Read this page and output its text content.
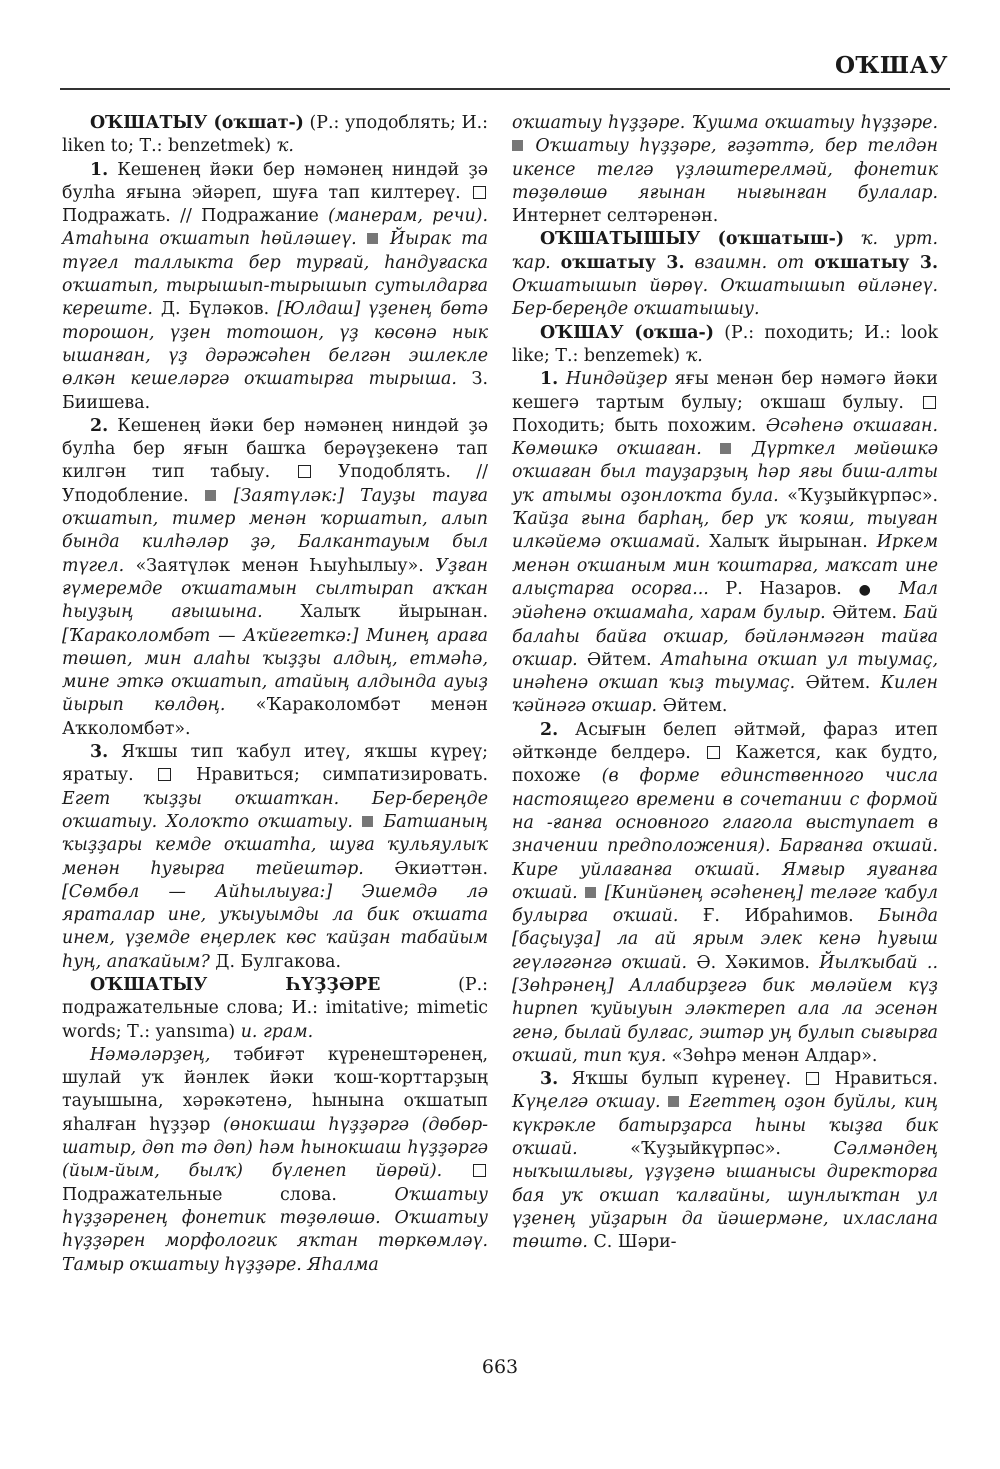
ОҠШАУ

ОҠШАТЫУ (оҡшат-) (Р.: уподоблять; И.: liken to; Т.: benzetmek) ҡ.

1. Кешенең йәки бер нәмәнең ниндәй ҙә булһа яғына эйәреп, шуға тап килтереү.  Подражать. // Подражание (манерам, речи). Атаһына оҡшатып һөйләшеү.  Йырак та түгел таллыкта бер турғай, һандуғаска оҡшатып, тырышып-тырышып сутылдарға кереште. Д. Бүләков. [Юлдаш] үҙенең бөтә торошон, үҙен тотошон, үҙ көсөнә нык ышанған, үҙ дәрәжәһен белгән эшлекле өлкән кешеләргә оҡшатырға тырыша. З. Биишева.

2. Кешенең йәки бер нәмәнең ниндәй ҙә булһа бер яғын башҡа берәүҙекенә тап килгән тип табыу.  Уподоблять. // Уподобление.  [Заятүләк:] Тауҙы тауға оҡшатып, тимер менән ҡоршатып, алып бында килһәләр ҙә, Балкантауым был түгел. «Заятүләк менән Һыуһылыу». Уҙған ғүмеремде оҡшатамын сылтырап аҡҡан һыуҙың ағышына. Халыҡ йырынан. [Ҡараколомбәт — Аҡйегеткә:] Минең араға төшөп, мин алаһы ҡыҙҙы алдың, етмәһә, мине эткә оҡшатып, атайың алдында ауыҙ йырып көлдөң. «Ҡараколомбәт менән Аҡколомбәт».

3. Яҡшы тип ҡабул итеү, яҡшы күреү; яратыу.  Нравиться; симпатизировать. Егет ҡыҙҙы оҡшатҡан. Бер-береңде оҡшатыу. Холоҡто оҡшатыу.  Батшаның ҡыҙҙары кемде оҡшатһа, шуға ҡульяулыҡ менән һуғырға тейештәр. Әкиәттән. [Сөмбөл — Айһылыуға:] Эшемдә лә яраталар ине, уҡыуымды ла бик оҡшата инем, үҙемде еңерлек көс ҡайҙан табайым һуң, апаҡайым? Д. Булгакова.

ОҠШАТЫУ ҺҮҘҘӘРЕ (Р.: подражательные слова; И.: imitative; mimetic words; Т.: yansıma) и. грам.

Нәмәләрҙең, тәбиғәт күренештәренең, шулай уҡ йәнлек йәки ҡош-ҡорттарҙың тауышына, хәрәкәтенә, һынына оҡшатып яһалған һүҙҙәр (өнокшаш һүҙҙәргә (дөбөр-шатыр, дөп тә дөп) һәм һынокшаш һүҙҙәргә (йым-йым, былҡ) бүленеп йөрөй).  Подражательные слова. Оҡшатыу һүҙҙәренең фонетик төҙөлөшө. Оҡшатыу һүҙҙәрен морфологик яҡтан төркөмләү. Тамыр оҡшатыу һүҙҙәре. Яһалма

оҡшатыу һүҙҙәре. Ҡушма оҡшатыу һүҙҙәре.  Оҡшатыу һүҙҙәре, ғәҙәттә, бер телдән икенсе телгә үҙләштерелмәй, фонетик төҙөлөшө яғынан нығынған булалар. Интернет селтәренән.

ОҠШАТЫШЫУ (оҡшатыш-) ҡ. урт. ҡар. оҡшатыу 3. взаимн. от оҡшатыу 3. Оҡшатышып йөрөү. Оҡшатышып өйләнеү. Бер-береңде оҡшатышыу.

ОҠШАУ (оҡша-) (Р.: походить; И.: look like; Т.: benzemek) ҡ.

1. Ниндәйҙер яғы менән бер нәмәгә йәки кешегә тартым булыу; оҡшаш булыу.  Походить; быть похожим. Әсәһенә оҡшаған. Көмөшкә оҡшаған.  Дүрткел мөйөшкә оҡшаған был тауҙарҙың һәр яғы биш-алты уҡ атымы оҙонлоҡта була. «Ҡуҙыйкүрпәс». Ҡайҙа ғына барһаң, бер уҡ ҡояш, тыуған илкәйемә оҡшамай. Халыҡ йырынан. Иркем менән оҡшаным мин ҡоштарға, маҡсат ине алыҫтарға осорға... Р. Назаров. ● Мал эйәһенә оҡшамаһа, харам булыр. Әйтем. Бай балаһы байға оҡшар, бәйләнмәгән тайға оҡшар. Әйтем. Атаһына оҡшап ул тыумаҫ, инәһенә оҡшап ҡыҙ тыумаҫ. Әйтем. Килен ҡәйнәгә оҡшар. Әйтем.

2. Асығын белеп әйтмәй, фараз итеп әйткәнде белдерә.  Кажется, как будто, похоже (в форме единственного числа настоящего времени в сочетании с формой на -ғанға основного глагола выступает в значении предположения). Барғанға оҡшай. Кире уйлағанға оҡшай. Ямғыр яуғанға оҡшай.  [Кинйәнең әсәһенең] теләге ҡабул булырға оҡшай. Ғ. Ибраһимов. Бында [баҫыуҙа] ла ай ярым элек кенә һуғыш геүләгәнгә оҡшай. Ә. Хәкимов. Йылҡыбай .. [Зөһрәнең] Аллабирҙегә бик мөләйем күҙ һирпеп ҡуйыуын эләктереп ала ла эсенән генә, былай булғас, эштәр уң булып сығырға оҡшай, тип ҡуя. «Зөһрә менән Алдар».

3. Яҡшы булып күренеү.  Нравиться. Күңелгә оҡшау.  Егеттең оҙон буйлы, киң күкрәкле батырҙарса һыны ҡыҙға бик оҡшай. «Ҡуҙыйкүрпәс». Сәлмәндең ныҡышлығы, үҙүҙенә ышанысы директорға бая уҡ оҡшап ҡалғайны, шунлыҡтан ул үҙенең уйҙарын да йәшермәне, ихласлана төштө. С. Шәри-

663
